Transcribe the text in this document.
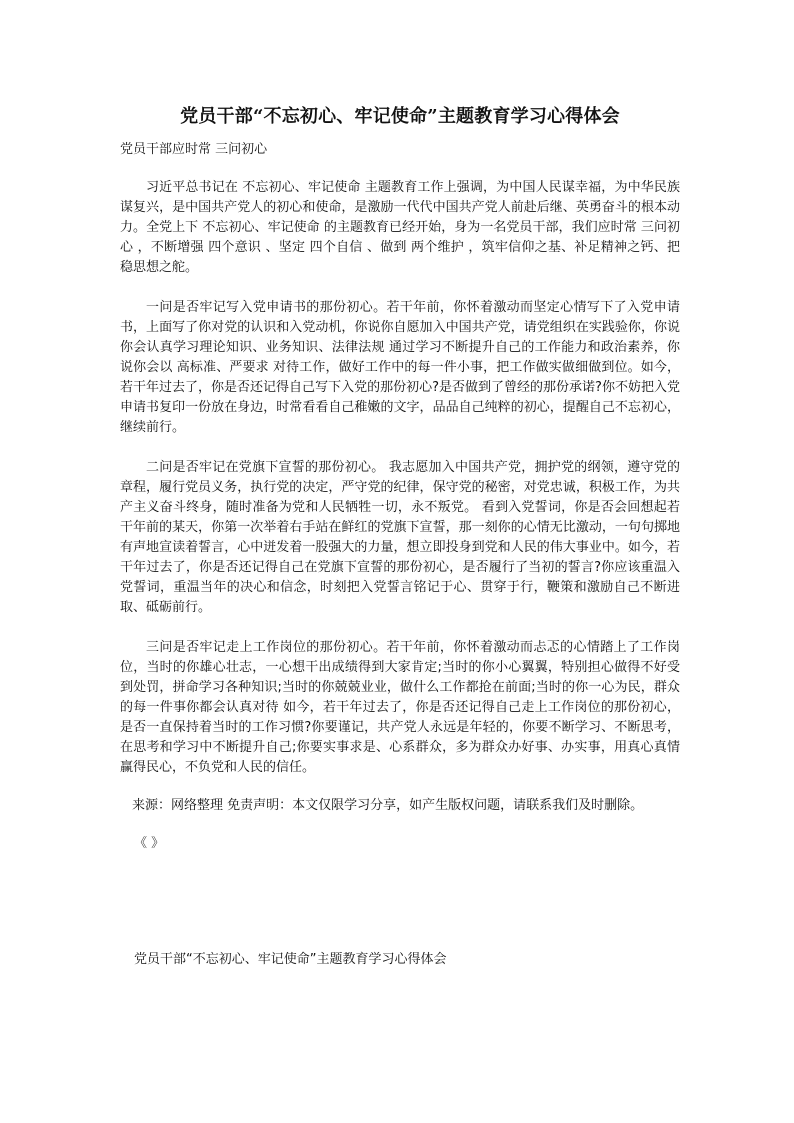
党员干部“不忘初心、牢记使命”主题教育学习心得体会
党员干部应时常 三问初心

习近平总书记在 不忘初心、牢记使命 主题教育工作上强调，为中国人民谋幸福，为中华民族谋复兴，是中国共产党人的初心和使命，是激励一代代中国共产党人前赴后继、英勇奋斗的根本动力。全党上下 不忘初心、牢记使命 的主题教育已经开始，身为一名党员干部，我们应时常 三问初心 ，不断增强 四个意识 、坚定 四个自信 、做到 两个维护 ，筑牢信仰之基、补足精神之钙、把稳思想之舵。

一问是否牢记写入党申请书的那份初心。若干年前，你怀着激动而坚定心情写下了入党申请书，上面写了你对党的认识和入党动机，你说你自愿加入中国共产党，请党组织在实践验你，你说你会认真学习理论知识、业务知识、法律法规 通过学习不断提升自己的工作能力和政治素养，你说你会以 高标准、严要求 对待工作，做好工作中的每一件小事，把工作做实做细做到位。如今，若干年过去了，你是否还记得自己写下入党的那份初心?是否做到了曾经的那份承诺?你不妨把入党申请书复印一份放在身边，时常看看自己稚嫩的文字，品品自己纯粹的初心，提醒自己不忘初心，继续前行。

二问是否牢记在党旗下宣誓的那份初心。 我志愿加入中国共产党，拥护党的纲领，遵守党的章程，履行党员义务，执行党的决定，严守党的纪律，保守党的秘密，对党忠诚，积极工作，为共产主义奋斗终身，随时准备为党和人民牺牲一切，永不叛党。 看到入党誓词，你是否会回想起若干年前的某天，你第一次举着右手站在鲜红的党旗下宣誓，那一刻你的心情无比激动，一句句掷地有声地宣读着誓言，心中迸发着一股强大的力量，想立即投身到党和人民的伟大事业中。如今，若干年过去了，你是否还记得自己在党旗下宣誓的那份初心，是否履行了当初的誓言?你应该重温入党誓词，重温当年的决心和信念，时刻把入党誓言铭记于心、贯穿于行，鞭策和激励自己不断进取、砥砺前行。

三问是否牢记走上工作岗位的那份初心。若干年前，你怀着激动而忐忑的心情踏上了工作岗位，当时的你雄心壮志，一心想干出成绩得到大家肯定;当时的你小心翼翼，特别担心做得不好受到处罚，拼命学习各种知识;当时的你兢兢业业，做什么工作都抢在前面;当时的你一心为民，群众的每一件事你都会认真对待 如今，若干年过去了，你是否还记得自己走上工作岗位的那份初心，是否一直保持着当时的工作习惯?你要谨记，共产党人永远是年轻的，你要不断学习、不断思考，在思考和学习中不断提升自己;你要实事求是、心系群众，多为群众办好事、办实事，用真心真情赢得民心，不负党和人民的信任。

来源：网络整理 免责声明：本文仅限学习分享，如产生版权问题，请联系我们及时删除。
《 》
党员干部“不忘初心、牢记使命”主题教育学习心得体会
